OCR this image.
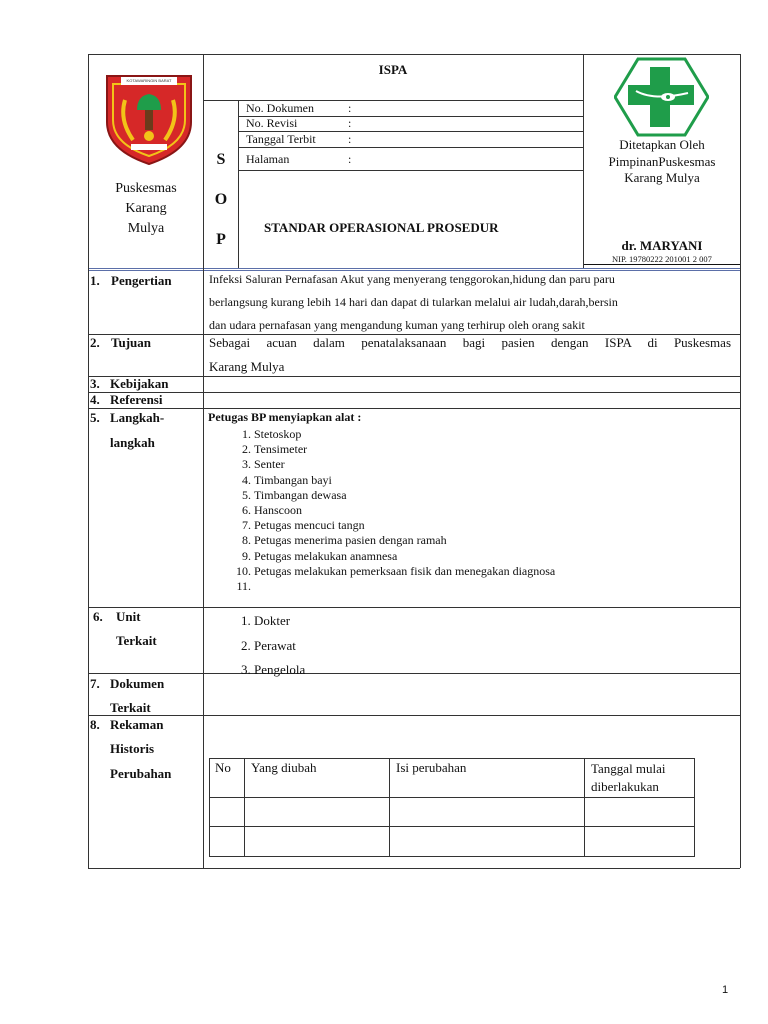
KOTAWARINGIN BARAT
Puskesmas
Karang
Mulya
ISPA
S
O
P
No. Dokumen	:
No. Revisi	:
Tanggal Terbit	:
Halaman	:
STANDAR OPERASIONAL PROSEDUR
Ditetapkan Oleh
PimpinanPuskesmas
Karang Mulya
dr. MARYANI
NIP. 19780222 201001 2 007
1. Pengertian	Infeksi Saluran Pernafasan Akut yang menyerang tenggorokan,hidung dan paru paru
berlangsung kurang lebih 14 hari dan dapat di tularkan melalui air ludah,darah,bersin
dan udara pernafasan yang mengandung kuman yang terhirup oleh orang sakit
2. Tujuan	Sebagai acuan dalam penatalaksanaan bagi pasien dengan ISPA di Puskesmas
Karang Mulya
3. Kebijakan
4. Referensi
5. Langkah-
langkah
Petugas BP menyiapkan alat :
1. Stetoskop
2. Tensimeter
3. Senter
4. Timbangan bayi
5. Timbangan dewasa
6. Hanscoon
7. Petugas mencuci tangn
8. Petugas menerima pasien dengan ramah
9. Petugas melakukan anamnesa
10. Petugas melakukan pemerksaan fisik dan menegakan diagnosa
11.
6. Unit
Terkait
1. Dokter
2. Perawat
3. Pengelola
7. Dokumen
Terkait
8. Rekaman
Historis
Perubahan	No	Yang diubah	Isi perubahan	Tanggal mulai diberlakukan

1
